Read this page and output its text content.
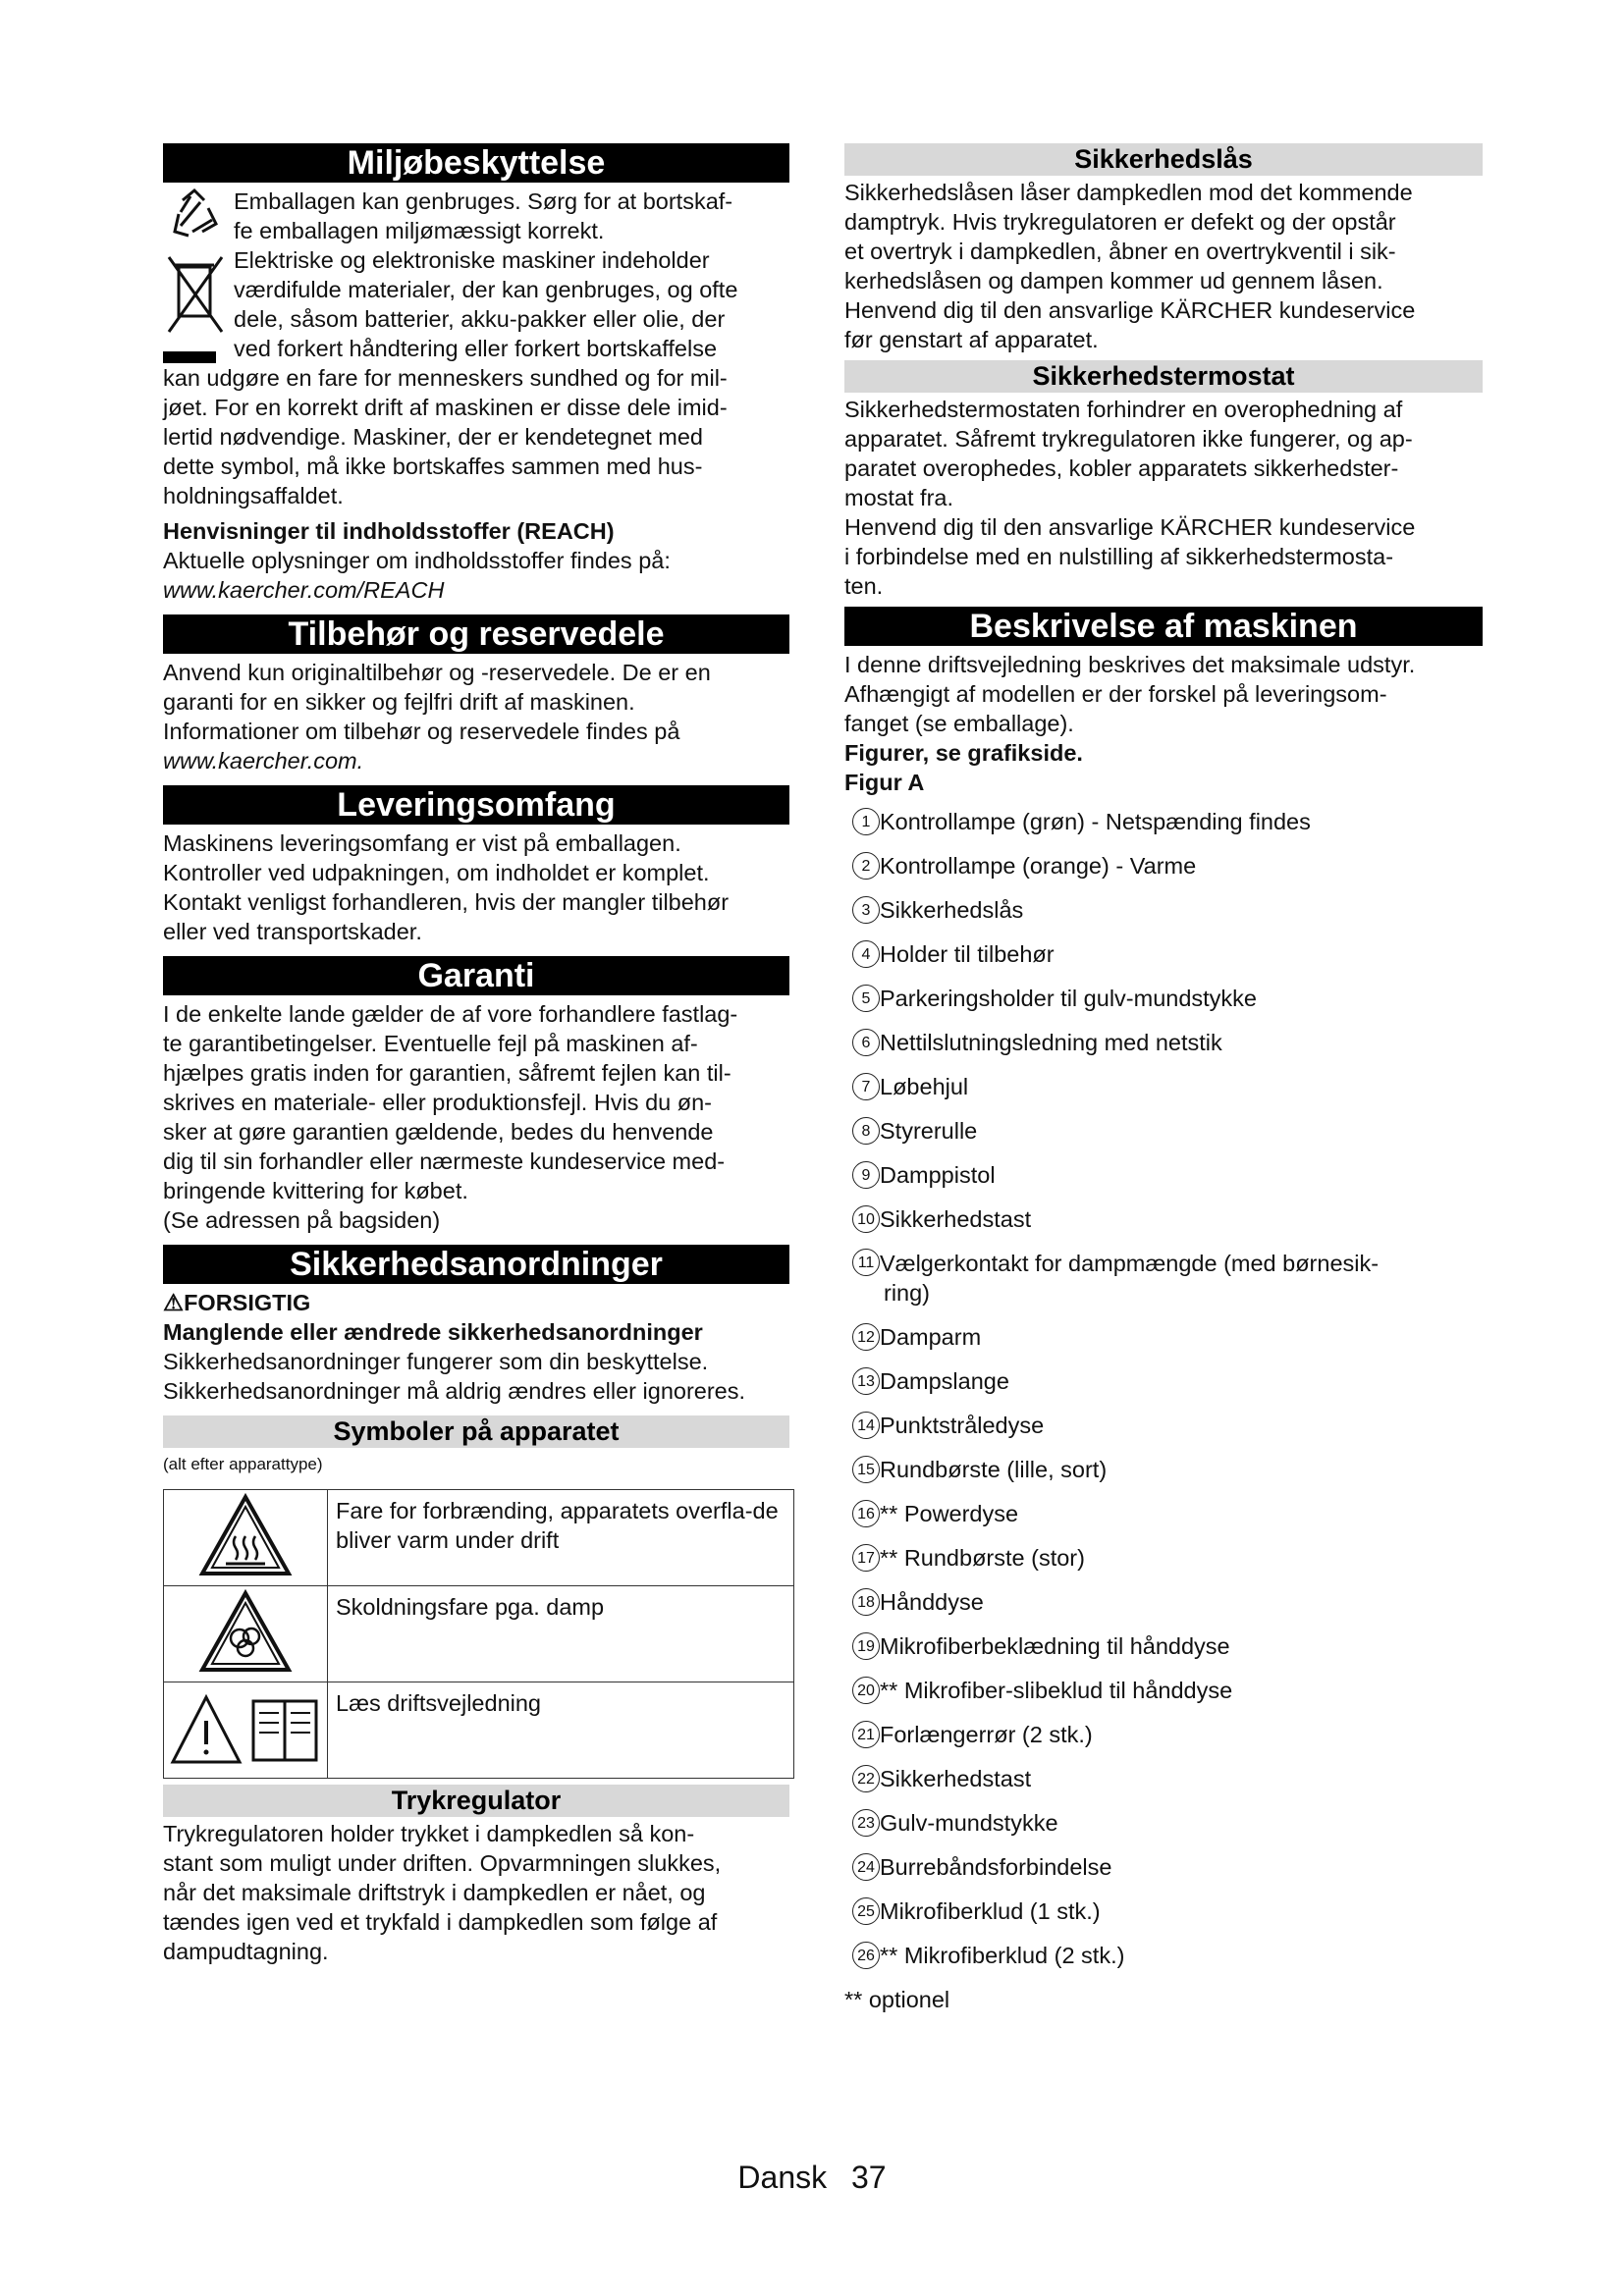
Miljøbeskyttelse

Emballagen kan genbruges. Sørg for at bortskaf-

fe emballagen miljømæssigt korrekt.

Elektriske og elektroniske maskiner indeholder

værdifulde materialer, der kan genbruges, og ofte

dele, såsom batterier, akku-pakker eller olie, der

ved forkert håndtering eller forkert bortskaffelse

kan udgøre en fare for menneskers sundhed og for mil-

jøet. For en korrekt drift af maskinen er disse dele imid-

lertid nødvendige. Maskiner, der er kendetegnet med

dette symbol, må ikke bortskaffes sammen med hus-

holdningsaffaldet.

Henvisninger til indholdsstoffer (REACH)

Aktuelle oplysninger om indholdsstoffer findes på:

www.kaercher.com/REACH

Tilbehør og reservedele

Anvend kun originaltilbehør og -reservedele. De er en

garanti for en sikker og fejlfri drift af maskinen.

Informationer om tilbehør og reservedele findes på

www.kaercher.com.

Leveringsomfang

Maskinens leveringsomfang er vist på emballagen.

Kontroller ved udpakningen, om indholdet er komplet.

Kontakt venligst forhandleren, hvis der mangler tilbehør

eller ved transportskader.

Garanti

I de enkelte lande gælder de af vore forhandlere fastlag-

te garantibetingelser. Eventuelle fejl på maskinen af-

hjælpes gratis inden for garantien, såfremt fejlen kan til-

skrives en materiale- eller produktionsfejl. Hvis du øn-

sker at gøre garantien gældende, bedes du henvende

dig til sin forhandler eller nærmeste kundeservice med-

bringende kvittering for købet.

(Se adressen på bagsiden)

Sikkerhedsanordninger

⚠FORSIGTIG

Manglende eller ændrede sikkerhedsanordninger

Sikkerhedsanordninger fungerer som din beskyttelse.

Sikkerhedsanordninger må aldrig ændres eller ignoreres.

Symboler på apparatet

(alt efter apparattype)

	Fare for forbrænding, apparatets overfla-de bliver varm under drift
	Skoldningsfare pga. damp
	Læs driftsvejledning
Trykregulator

Trykregulatoren holder trykket i dampkedlen så kon-

stant som muligt under driften. Opvarmningen slukkes,

når det maksimale driftstryk i dampkedlen er nået, og

tændes igen ved et trykfald i dampkedlen som følge af

dampudtagning.

Sikkerhedslås

Sikkerhedslåsen låser dampkedlen mod det kommende

damptryk. Hvis trykregulatoren er defekt og der opstår

et overtryk i dampkedlen, åbner en overtrykventil i sik-

kerhedslåsen og dampen kommer ud gennem låsen.

Henvend dig til den ansvarlige KÄRCHER kundeservice

før genstart af apparatet.

Sikkerhedstermostat

Sikkerhedstermostaten forhindrer en overophedning af

apparatet. Såfremt trykregulatoren ikke fungerer, og ap-

paratet overophedes, kobler apparatets sikkerhedster-

mostat fra.

Henvend dig til den ansvarlige KÄRCHER kundeservice

i forbindelse med en nulstilling af sikkerhedstermosta-

ten.

Beskrivelse af maskinen

I denne driftsvejledning beskrives det maksimale udstyr.

Afhængigt af modellen er der forskel på leveringsom-

fanget (se emballage).

Figurer, se grafikside.

Figur A

1 Kontrollampe (grøn) - Netspænding findes
2 Kontrollampe (orange) - Varme
3 Sikkerhedslås
4 Holder til tilbehør
5 Parkeringsholder til gulv-mundstykke
6 Nettilslutningsledning med netstik
7 Løbehjul
8 Styrerulle
9 Damppistol
10 Sikkerhedstast
11 Vælgerkontakt for dampmængde (med børnesik-
ring)
12 Damparm
13 Dampslange
14 Punktstråledyse
15 Rundbørste (lille, sort)
16 ** Powerdyse
17 ** Rundbørste (stor)
18 Hånddyse
19 Mikrofiberbeklædning til hånddyse
20 ** Mikrofiber-slibeklud til hånddyse
21 Forlængerrør (2 stk.)
22 Sikkerhedstast
23 Gulv-mundstykke
24 Burrebåndsforbindelse
25 Mikrofiberklud (1 stk.)
26 ** Mikrofiberklud (2 stk.)

** optionel

Dansk 37
